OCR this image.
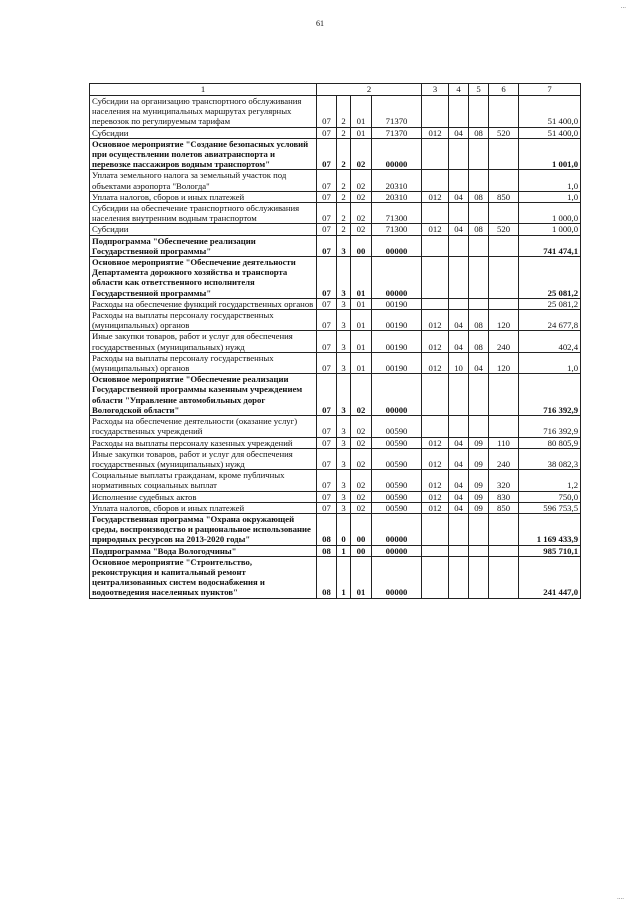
...
61
1	2				3	4	5	6	7
Субсидии на организацию транспортного обслуживания населения на муниципальных маршрутах регулярных перевозок по регулируемым тарифам	07	2	01	71370					51 400,0
Субсидии	07	2	01	71370	012	04	08	520	51 400,0
Основное мероприятие "Создание безопасных условий при осуществлении полетов авиатранспорта и перевозке пассажиров водным транспортом"	07	2	02	00000					1 001,0
Уплата земельного налога за земельный участок под объектами аэропорта "Вологда"	07	2	02	20310					1,0
Уплата налогов, сборов и иных платежей	07	2	02	20310	012	04	08	850	1,0
Субсидии на обеспечение транспортного обслуживания населения внутренним водным транспортом	07	2	02	71300					1 000,0
Субсидии	07	2	02	71300	012	04	08	520	1 000,0
Подпрограмма "Обеспечение реализации Государственной программы"	07	3	00	00000					741 474,1
Основное мероприятие "Обеспечение деятельности Департамента дорожного хозяйства и транспорта области как ответственного исполнителя Государственной программы"	07	3	01	00000					25 081,2
Расходы на обеспечение функций государственных органов	07	3	01	00190					25 081,2
Расходы на выплаты персоналу государственных (муниципальных) органов	07	3	01	00190	012	04	08	120	24 677,8
Иные закупки товаров, работ и услуг для обеспечения государственных (муниципальных) нужд	07	3	01	00190	012	04	08	240	402,4
Расходы на выплаты персоналу государственных (муниципальных) органов	07	3	01	00190	012	10	04	120	1,0
Основное мероприятие "Обеспечение реализации Государственной программы казенным учреждением области "Управление автомобильных дорог Вологодской области"	07	3	02	00000					716 392,9
Расходы на обеспечение деятельности (оказание услуг) государственных учреждений	07	3	02	00590					716 392,9
Расходы на выплаты персоналу казенных учреждений	07	3	02	00590	012	04	09	110	80 805,9
Иные закупки товаров, работ и услуг для обеспечения государственных (муниципальных) нужд	07	3	02	00590	012	04	09	240	38 082,3
Социальные выплаты гражданам, кроме публичных нормативных социальных выплат	07	3	02	00590	012	04	09	320	1,2
Исполнение судебных актов	07	3	02	00590	012	04	09	830	750,0
Уплата налогов, сборов и иных платежей	07	3	02	00590	012	04	09	850	596 753,5
Государственная программа "Охрана окружающей среды, воспроизводство и рациональное использование природных ресурсов на 2013-2020 годы"	08	0	00	00000					1 169 433,9
Подпрограмма "Вода Вологодчины"	08	1	00	00000					985 710,1
Основное мероприятие "Строительство, реконструкция и капитальный ремонт централизованных систем водоснабжения и водоотведения населенных пунктов"	08	1	01	00000					241 447,0
....
